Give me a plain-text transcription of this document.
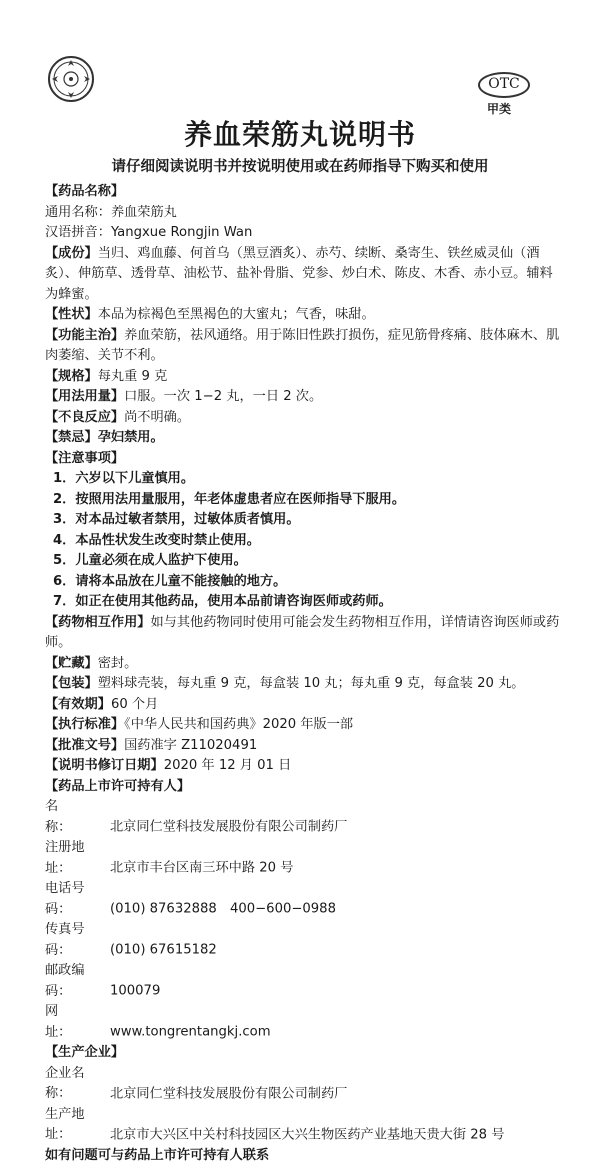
OTC
甲类
养血荣筋丸说明书
请仔细阅读说明书并按说明使用或在药师指导下购买和使用
【药品名称】
通用名称：养血荣筋丸
汉语拼音：Yangxue Rongjin Wan
【成份】当归、鸡血藤、何首乌（黑豆酒炙）、赤芍、续断、桑寄生、铁丝威灵仙（酒炙）、伸筋草、透骨草、油松节、盐补骨脂、党参、炒白术、陈皮、木香、赤小豆。辅料为蜂蜜。
【性状】本品为棕褐色至黑褐色的大蜜丸；气香，味甜。
【功能主治】养血荣筋，祛风通络。用于陈旧性跌打损伤，症见筋骨疼痛、肢体麻木、肌肉萎缩、关节不利。
【规格】每丸重 9 克
【用法用量】口服。一次 1−2 丸，一日 2 次。
【不良反应】尚不明确。
【禁忌】孕妇禁用。
【注意事项】
1．六岁以下儿童慎用。
2．按照用法用量服用，年老体虚患者应在医师指导下服用。
3．对本品过敏者禁用，过敏体质者慎用。
4．本品性状发生改变时禁止使用。
5．儿童必须在成人监护下使用。
6．请将本品放在儿童不能接触的地方。
7．如正在使用其他药品，使用本品前请咨询医师或药师。
【药物相互作用】如与其他药物同时使用可能会发生药物相互作用，详情请咨询医师或药师。
【贮藏】密封。
【包装】塑料球壳装，每丸重 9 克，每盒装 10 丸；每丸重 9 克，每盒装 20 丸。
【有效期】60 个月
【执行标准】《中华人民共和国药典》2020 年版一部
【批准文号】国药准字 Z11020491
【说明书修订日期】2020 年 12 月 01 日
【药品上市许可持有人】
名　　称：	北京同仁堂科技发展股份有限公司制药厂
注册地址：	北京市丰台区南三环中路 20 号
电话号码：	(010) 87632888　400−600−0988
传真号码：	(010) 67615182
邮政编码：	100079
网　　址：	www.tongrentangkj.com
【生产企业】
企业名称：	北京同仁堂科技发展股份有限公司制药厂
生产地址：	北京市大兴区中关村科技园区大兴生物医药产业基地天贵大街 28 号
如有问题可与药品上市许可持有人联系
